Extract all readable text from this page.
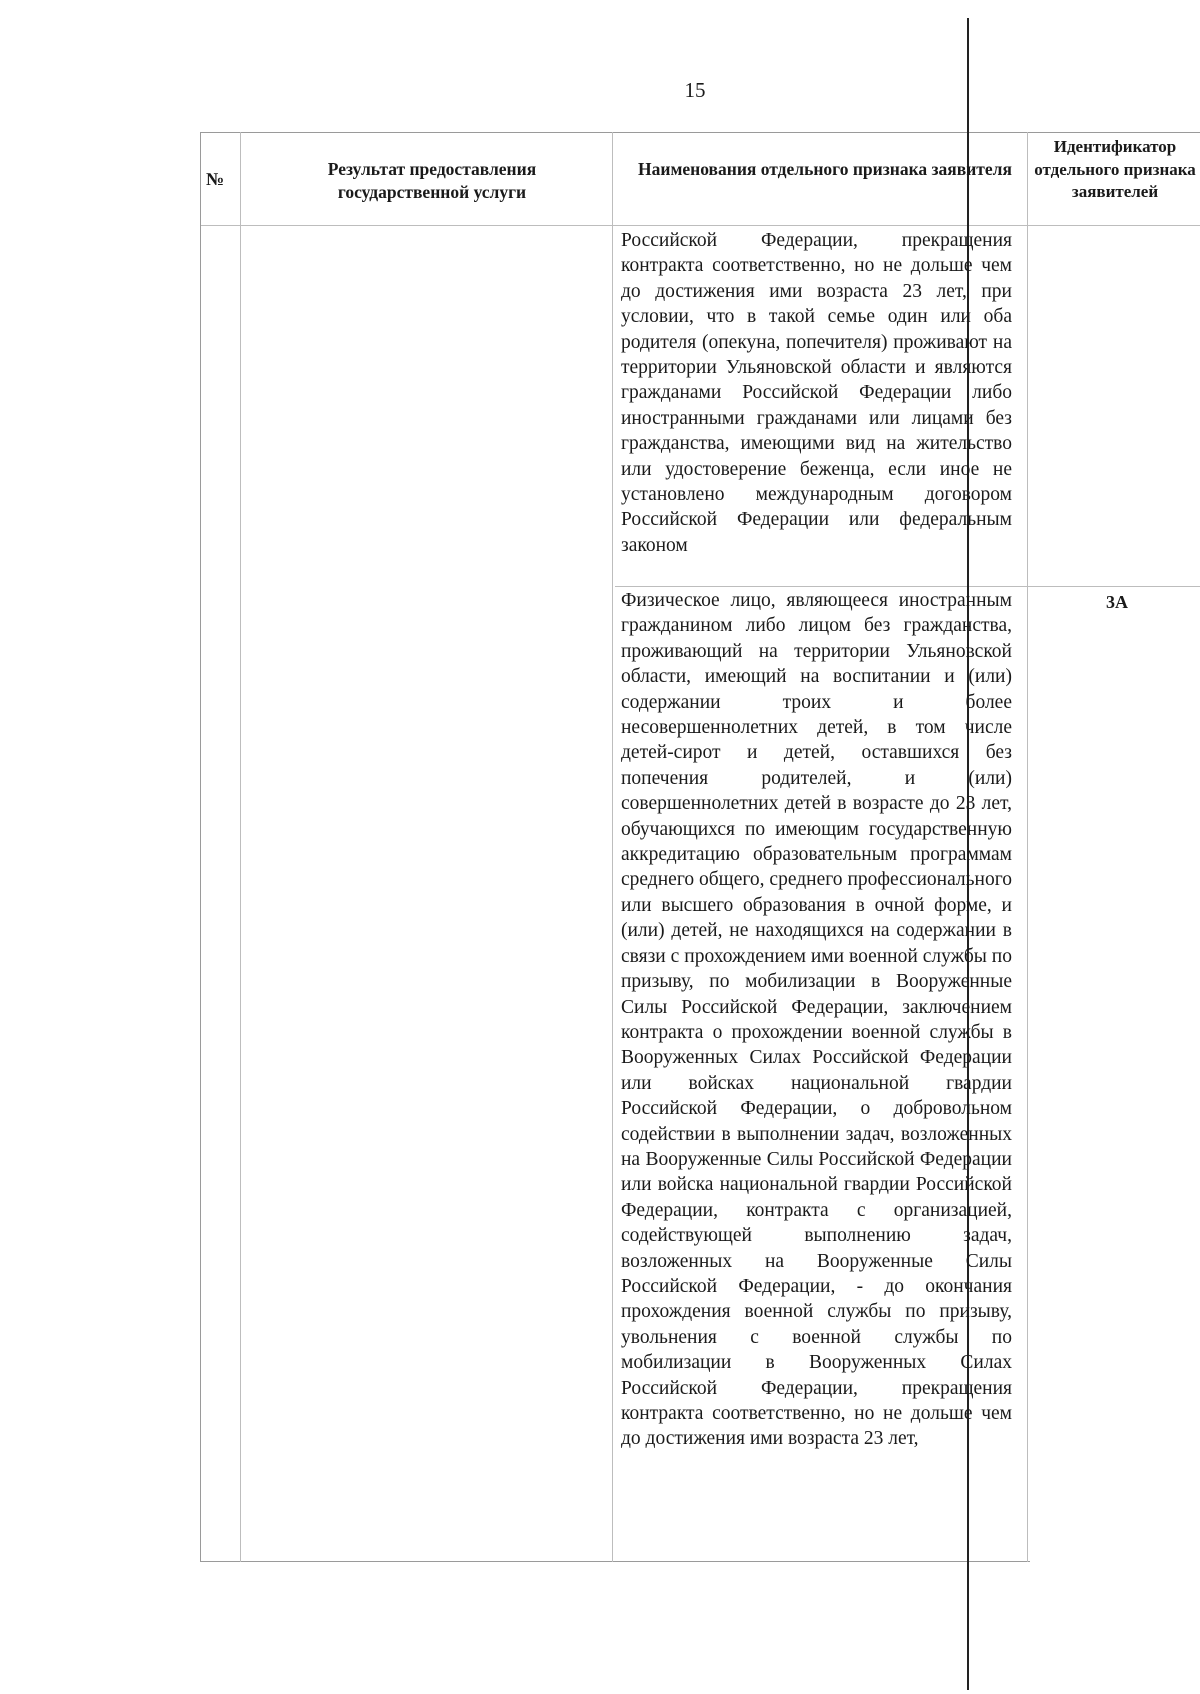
15
№	Результат предоставления государственной услуги
Наименования отдельного признака заявителя
Идентификатор отдельного признака заявителей

Российской Федерации, прекращения контракта соответственно, но не дольше чем до достижения ими возраста 23 лет, при условии, что в такой семье один или оба родителя (опекуна, попечителя) проживают на территории Ульяновской области и являются гражданами Российской Федерации либо иностранными гражданами или лицами без гражданства, имеющими вид на жительство или удостоверение беженца, если иное не установлено международным договором Российской Федерации или федеральным законом

Физическое лицо, являющееся иностранным гражданином либо лицом без гражданства, проживающий на территории Ульяновской области, имеющий на воспитании и (или) содержании троих и более несовершеннолетних детей, в том числе детей-сирот и детей, оставшихся без попечения родителей, и (или) совершеннолетних детей в возрасте до 23 лет, обучающихся по имеющим государственную аккредитацию образовательным программам среднего общего, среднего профессионального или высшего образования в очной форме, и (или) детей, не находящихся на содержании в связи с прохождением ими военной службы по призыву, по мобилизации в Вооруженные Силы Российской Федерации, заключением контракта о прохождении военной службы в Вооруженных Силах Российской Федерации или войсках национальной гвардии Российской Федерации, о добровольном содействии в выполнении задач, возложенных на Вооруженные Силы Российской Федерации или войска национальной гвардии Российской Федерации, контракта с организацией, содействующей выполнению задач, возложенных на Вооруженные Силы Российской Федерации, - до окончания прохождения военной службы по призыву, увольнения с военной службы по мобилизации в Вооруженных Силах Российской Федерации, прекращения контракта соответственно, но не дольше чем до достижения ими возраста 23 лет,

3А
